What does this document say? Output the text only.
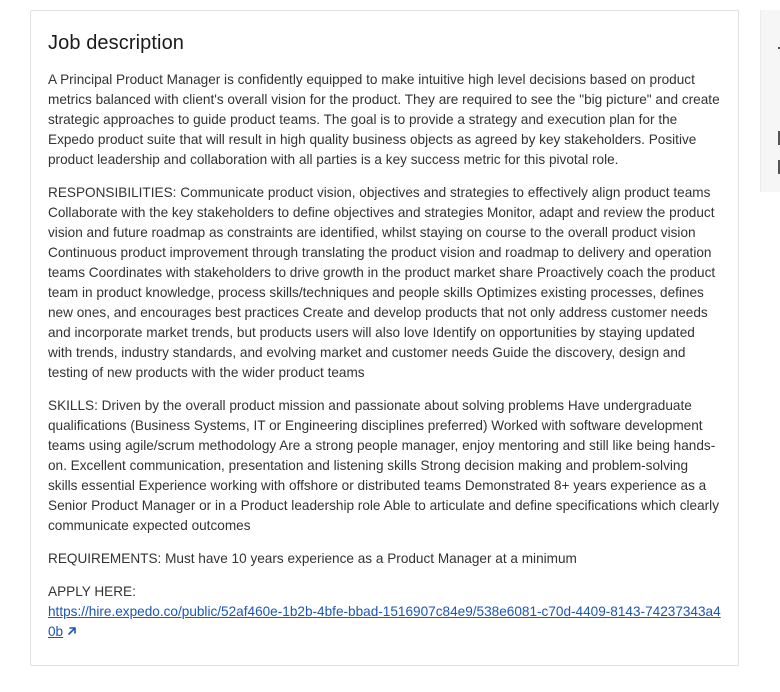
Job description

A Principal Product Manager is confidently equipped to make intuitive high level decisions based on product metrics balanced with client's overall vision for the product. They are required to see the "big picture" and create strategic approaches to guide product teams. The goal is to provide a strategy and execution plan for the Expedo product suite that will result in high quality business objects as agreed by key stakeholders. Positive product leadership and collaboration with all parties is a key success metric for this pivotal role.

RESPONSIBILITIES: Communicate product vision, objectives and strategies to effectively align product teams Collaborate with the key stakeholders to define objectives and strategies Monitor, adapt and review the product vision and future roadmap as constraints are identified, whilst staying on course to the overall product vision Continuous product improvement through translating the product vision and roadmap to delivery and operation teams Coordinates with stakeholders to drive growth in the product market share Proactively coach the product team in product knowledge, process skills/techniques and people skills Optimizes existing processes, defines new ones, and encourages best practices Create and develop products that not only address customer needs and incorporate market trends, but products users will also love Identify on opportunities by staying updated with trends, industry standards, and evolving market and customer needs Guide the discovery, design and testing of new products with the wider product teams

SKILLS: Driven by the overall product mission and passionate about solving problems Have undergraduate qualifications (Business Systems, IT or Engineering disciplines preferred) Worked with software development teams using agile/scrum methodology Are a strong people manager, enjoy mentoring and still like being hands-on. Excellent communication, presentation and listening skills Strong decision making and problem-solving skills essential Experience working with offshore or distributed teams Demonstrated 8+ years experience as a Senior Product Manager or in a Product leadership role Able to articulate and define specifications which clearly communicate expected outcomes

REQUIREMENTS: Must have 10 years experience as a Product Manager at a minimum

APPLY HERE:
https://hire.expedo.co/public/52af460e-1b2b-4bfe-bbad-1516907c84e9/538e6081-c70d-4409-8143-74237343a40b
